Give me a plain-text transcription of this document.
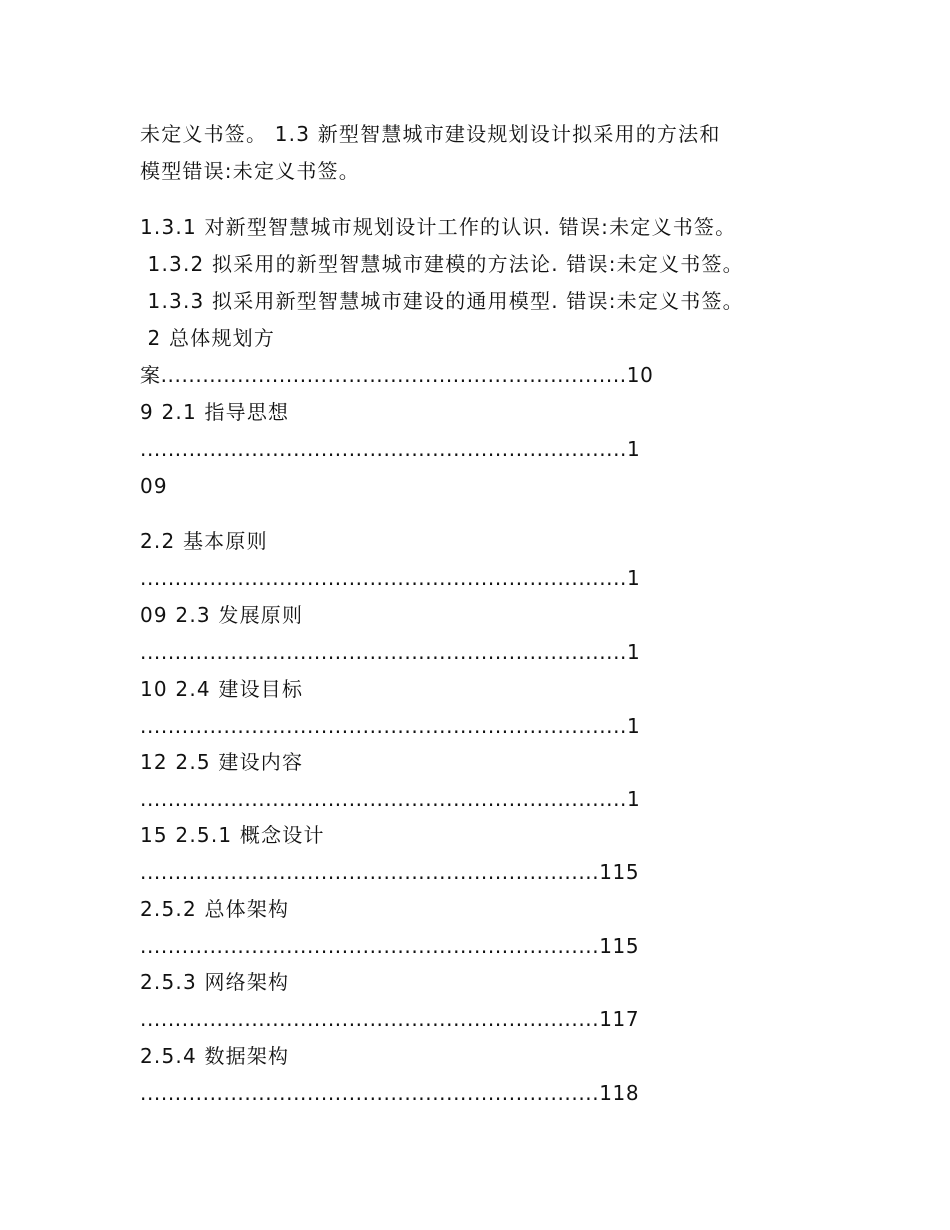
未定义书签。 1.3 新型智慧城市建设规划设计拟采用的方法和
模型错误:未定义书签。
1.3.1 对新型智慧城市规划设计工作的认识. 错误:未定义书签。
1.3.2 拟采用的新型智慧城市建模的方法论. 错误:未定义书签。
1.3.3 拟采用新型智慧城市建设的通用模型. 错误:未定义书签。
2 总体规划方
案...................................................................10
9 2.1 指导思想
......................................................................1
09
2.2 基本原则
......................................................................1
09 2.3 发展原则
......................................................................1
10 2.4 建设目标
......................................................................1
12 2.5 建设内容
......................................................................1
15 2.5.1 概念设计
..................................................................115
2.5.2 总体架构
..................................................................115
2.5.3 网络架构
..................................................................117
2.5.4 数据架构
..................................................................118
